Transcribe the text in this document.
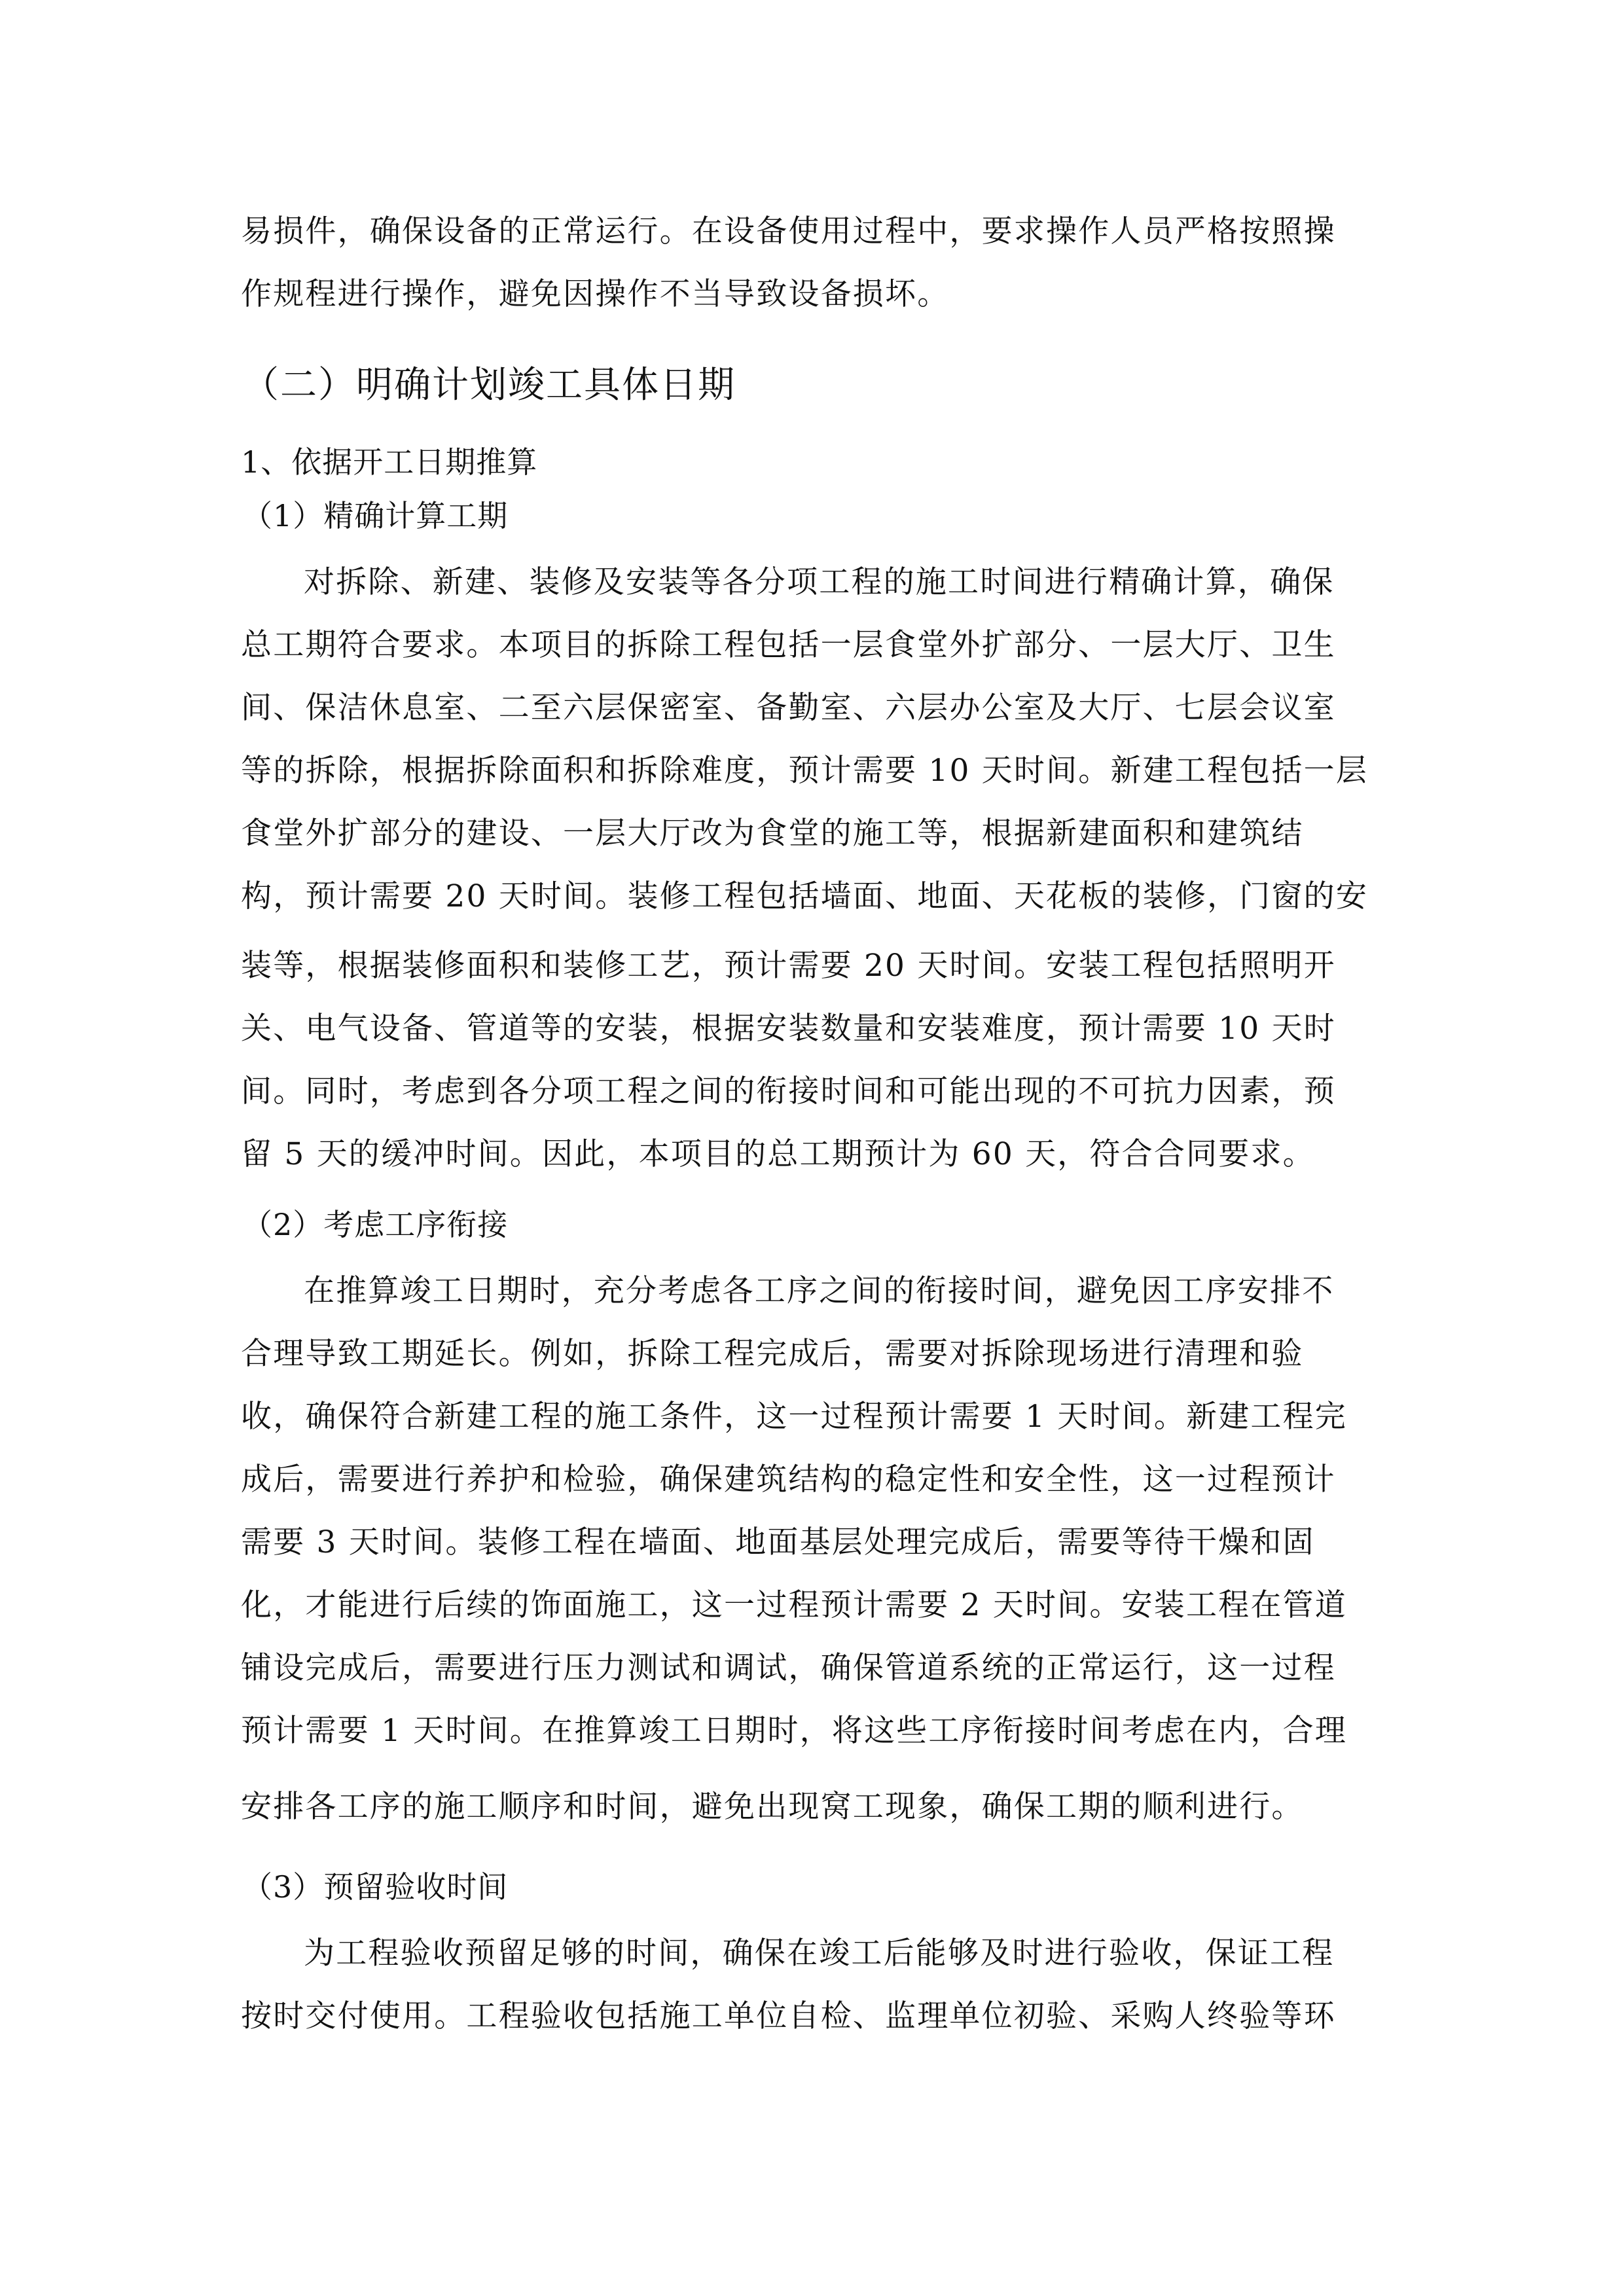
易损件，确保设备的正常运行。在设备使用过程中，要求操作人员严格按照操
作规程进行操作，避免因操作不当导致设备损坏。
（二）明确计划竣工具体日期
1、依据开工日期推算
（1）精确计算工期
对拆除、新建、装修及安装等各分项工程的施工时间进行精确计算，确保
总工期符合要求。本项目的拆除工程包括一层食堂外扩部分、一层大厅、卫生
间、保洁休息室、二至六层保密室、备勤室、六层办公室及大厅、七层会议室
等的拆除，根据拆除面积和拆除难度，预计需要 10 天时间。新建工程包括一层
食堂外扩部分的建设、一层大厅改为食堂的施工等，根据新建面积和建筑结
构，预计需要 20 天时间。装修工程包括墙面、地面、天花板的装修，门窗的安
装等，根据装修面积和装修工艺，预计需要 20 天时间。安装工程包括照明开
关、电气设备、管道等的安装，根据安装数量和安装难度，预计需要 10 天时
间。同时，考虑到各分项工程之间的衔接时间和可能出现的不可抗力因素，预
留 5 天的缓冲时间。因此，本项目的总工期预计为 60 天，符合合同要求。
（2）考虑工序衔接
在推算竣工日期时，充分考虑各工序之间的衔接时间，避免因工序安排不
合理导致工期延长。例如，拆除工程完成后，需要对拆除现场进行清理和验
收，确保符合新建工程的施工条件，这一过程预计需要 1 天时间。新建工程完
成后，需要进行养护和检验，确保建筑结构的稳定性和安全性，这一过程预计
需要 3 天时间。装修工程在墙面、地面基层处理完成后，需要等待干燥和固
化，才能进行后续的饰面施工，这一过程预计需要 2 天时间。安装工程在管道
铺设完成后，需要进行压力测试和调试，确保管道系统的正常运行，这一过程
预计需要 1 天时间。在推算竣工日期时，将这些工序衔接时间考虑在内，合理
安排各工序的施工顺序和时间，避免出现窝工现象，确保工期的顺利进行。
（3）预留验收时间
为工程验收预留足够的时间，确保在竣工后能够及时进行验收，保证工程
按时交付使用。工程验收包括施工单位自检、监理单位初验、采购人终验等环
